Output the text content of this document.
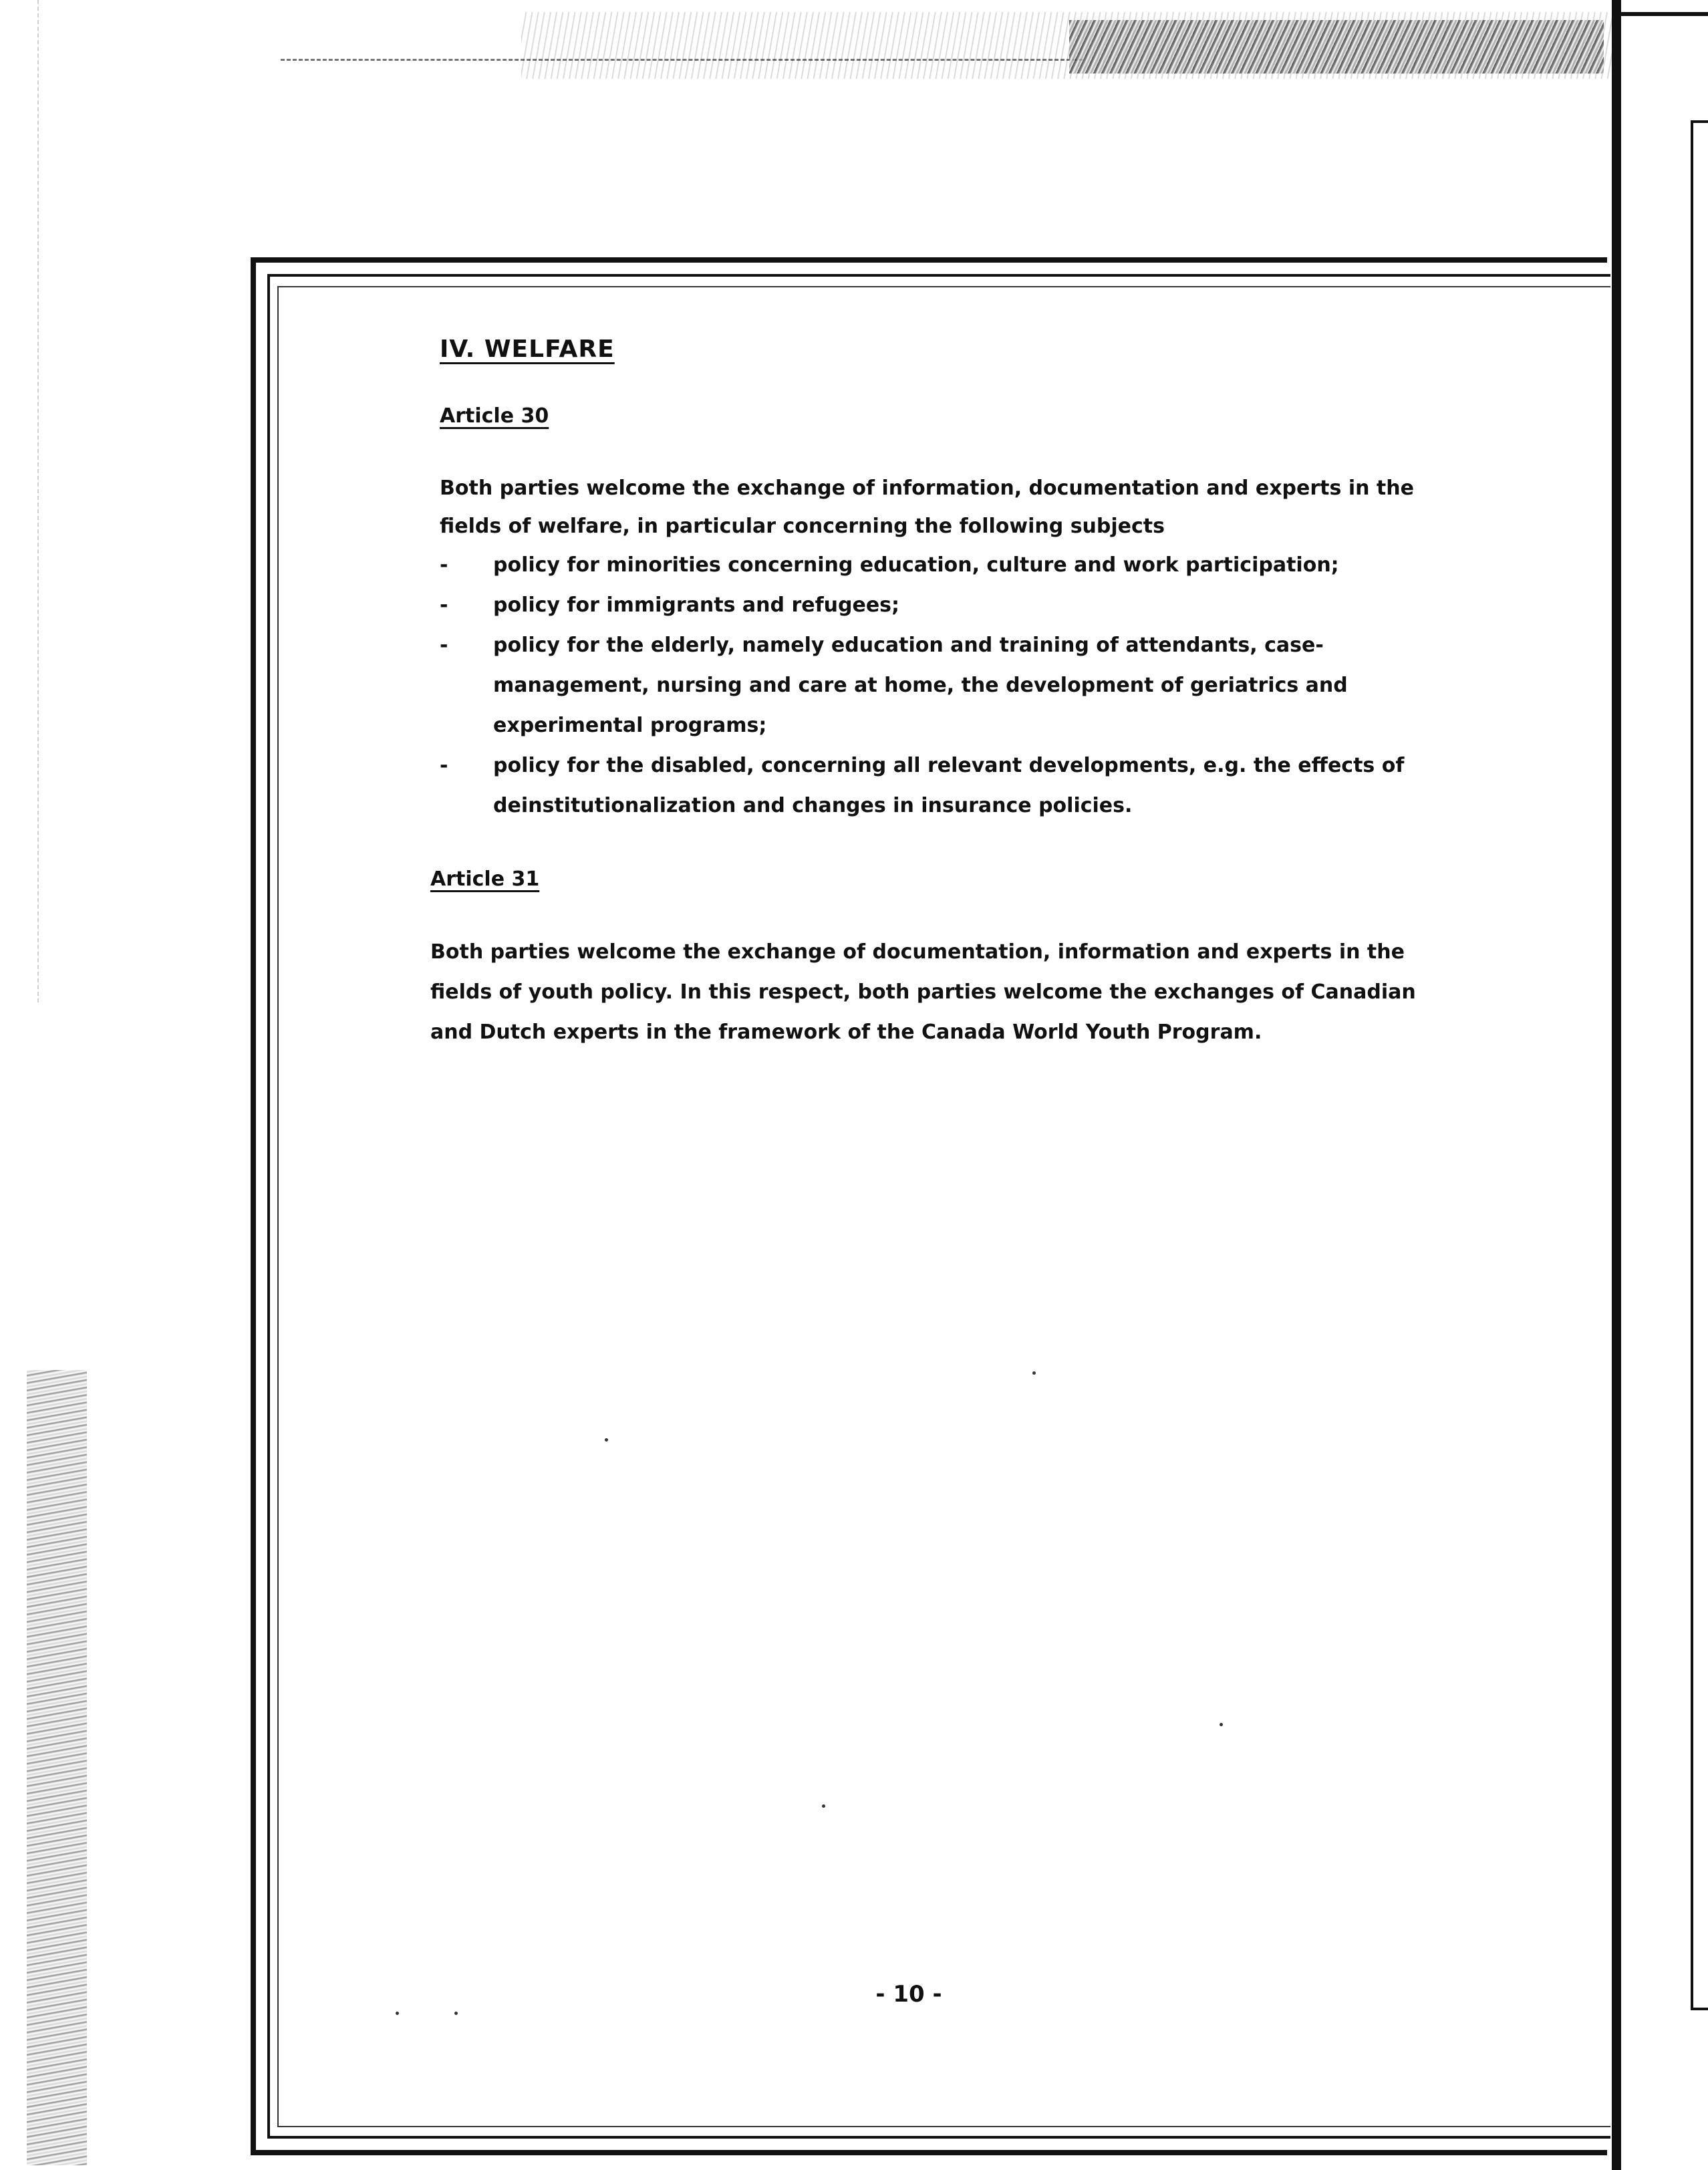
IV. WELFARE
Article 30
Both parties welcome the exchange of information, documentation and experts in the fields of welfare, in particular concerning the following subjects
- policy for minorities concerning education, culture and work participation;
- policy for immigrants and refugees;
- policy for the elderly, namely education and training of attendants, case-management, nursing and care at home, the development of geriatrics and experimental programs;
- policy for the disabled, concerning all relevant developments, e.g. the effects of deinstitutionalization and changes in insurance policies.
Article 31
Both parties welcome the exchange of documentation, information and experts in the fields of youth policy. In this respect, both parties welcome the exchanges of Canadian and Dutch experts in the framework of the Canada World Youth Program.
- 10 -
